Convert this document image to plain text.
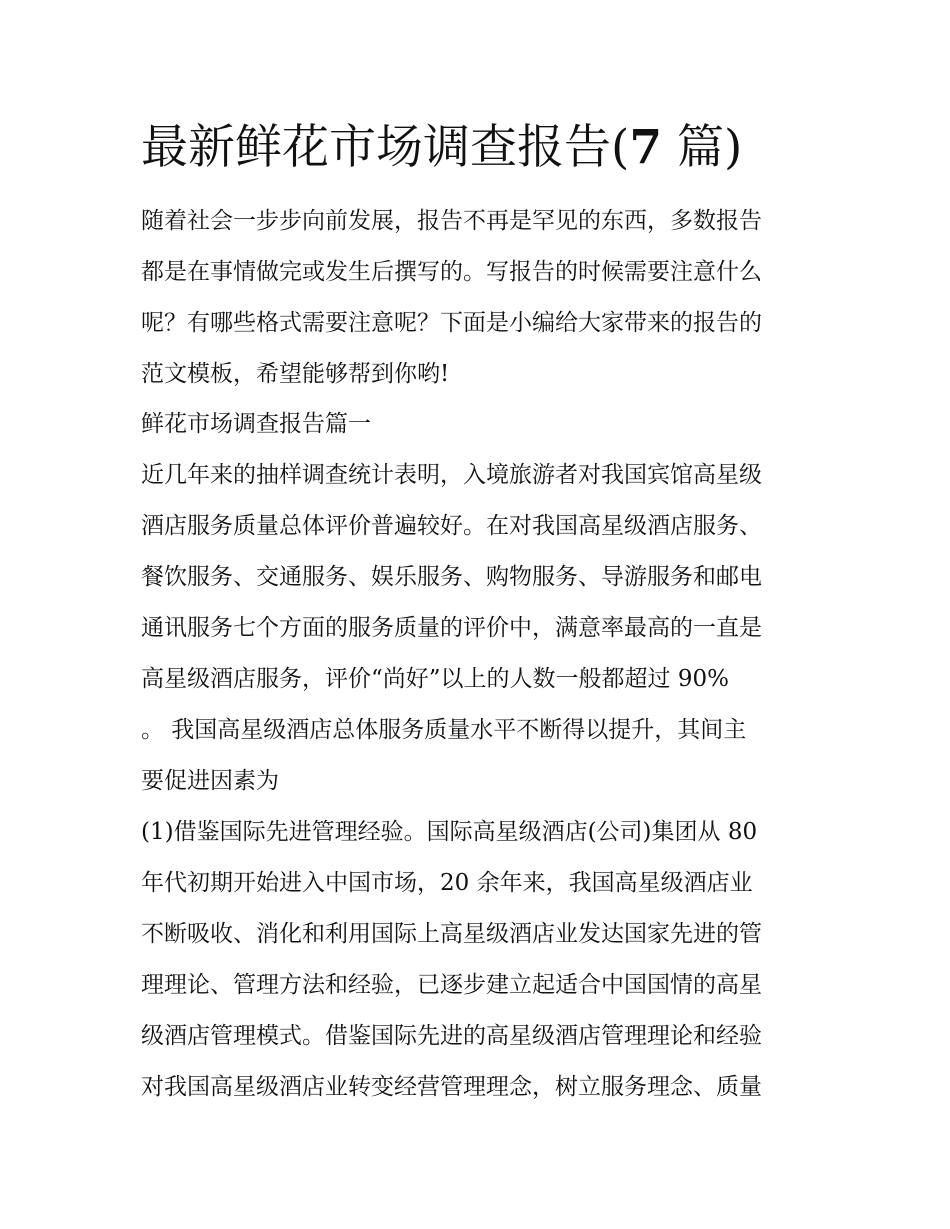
最新鲜花市场调查报告(7 篇)

随着社会一步步向前发展，报告不再是罕见的东西，多数报告

都是在事情做完或发生后撰写的。写报告的时候需要注意什么

呢？有哪些格式需要注意呢？下面是小编给大家带来的报告的

范文模板，希望能够帮到你哟!

鲜花市场调查报告篇一

近几年来的抽样调查统计表明，入境旅游者对我国宾馆高星级

酒店服务质量总体评价普遍较好。在对我国高星级酒店服务、

餐饮服务、交通服务、娱乐服务、购物服务、导游服务和邮电

通讯服务七个方面的服务质量的评价中，满意率最高的一直是

高星级酒店服务，评价“尚好”以上的人数一般都超过 90%

。 我国高星级酒店总体服务质量水平不断得以提升，其间主

要促进因素为

(1)借鉴国际先进管理经验。国际高星级酒店(公司)集团从 80

年代初期开始进入中国市场，20 余年来，我国高星级酒店业

不断吸收、消化和利用国际上高星级酒店业发达国家先进的管

理理论、管理方法和经验，已逐步建立起适合中国国情的高星

级酒店管理模式。借鉴国际先进的高星级酒店管理理论和经验

对我国高星级酒店业转变经营管理理念，树立服务理念、质量
